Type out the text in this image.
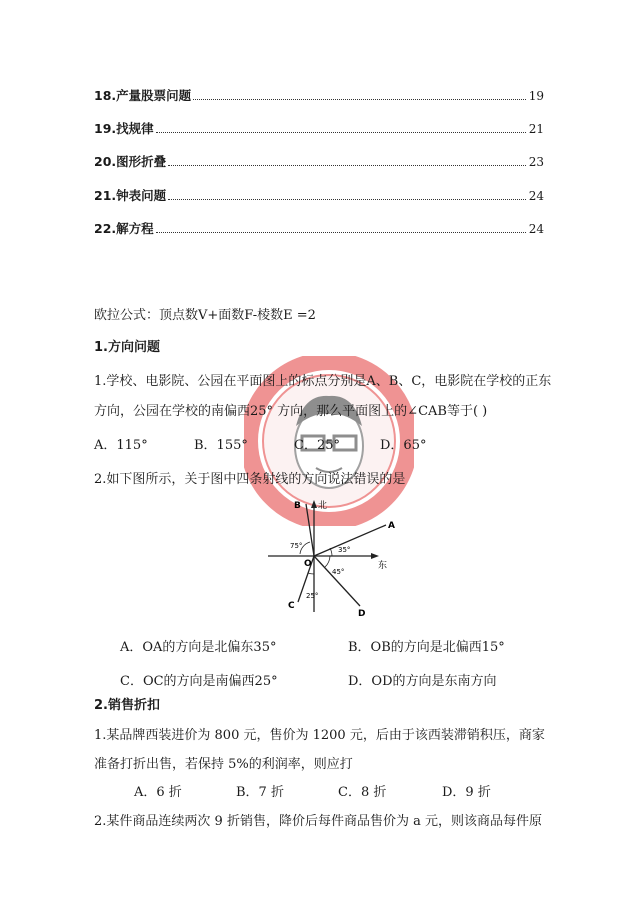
18.产量股票问题	19
19.找规律	21
20.图形折叠	23
21.钟表问题	24
22.解方程	24
欧拉公式：顶点数V+面数F-棱数E =2
1.方向问题
1.学校、电影院、公园在平面图上的标点分别是A、B、C，电影院在学校的正东
方向，公园在学校的南偏西25° 方向，那么平面图上的∠CAB等于( )
A．115°	B．155°	C．25°	D．65°
2.如下图所示，关于图中四条射线的方向说法错误的是
B 北
A
35°
75°
O	东
45°
C
25°
D
A．OA的方向是北偏东35°	B．OB的方向是北偏西15°
C．OC的方向是南偏西25°	D．OD的方向是东南方向
2.销售折扣
1.某品牌西装进价为 800 元，售价为 1200 元，后由于该西装滞销积压，商家
准备打折出售，若保持 5%的利润率，则应打
A．6 折	B．7 折	C．8 折	D．9 折
2.某件商品连续两次 9 折销售，降价后每件商品售价为 a 元，则该商品每件原
